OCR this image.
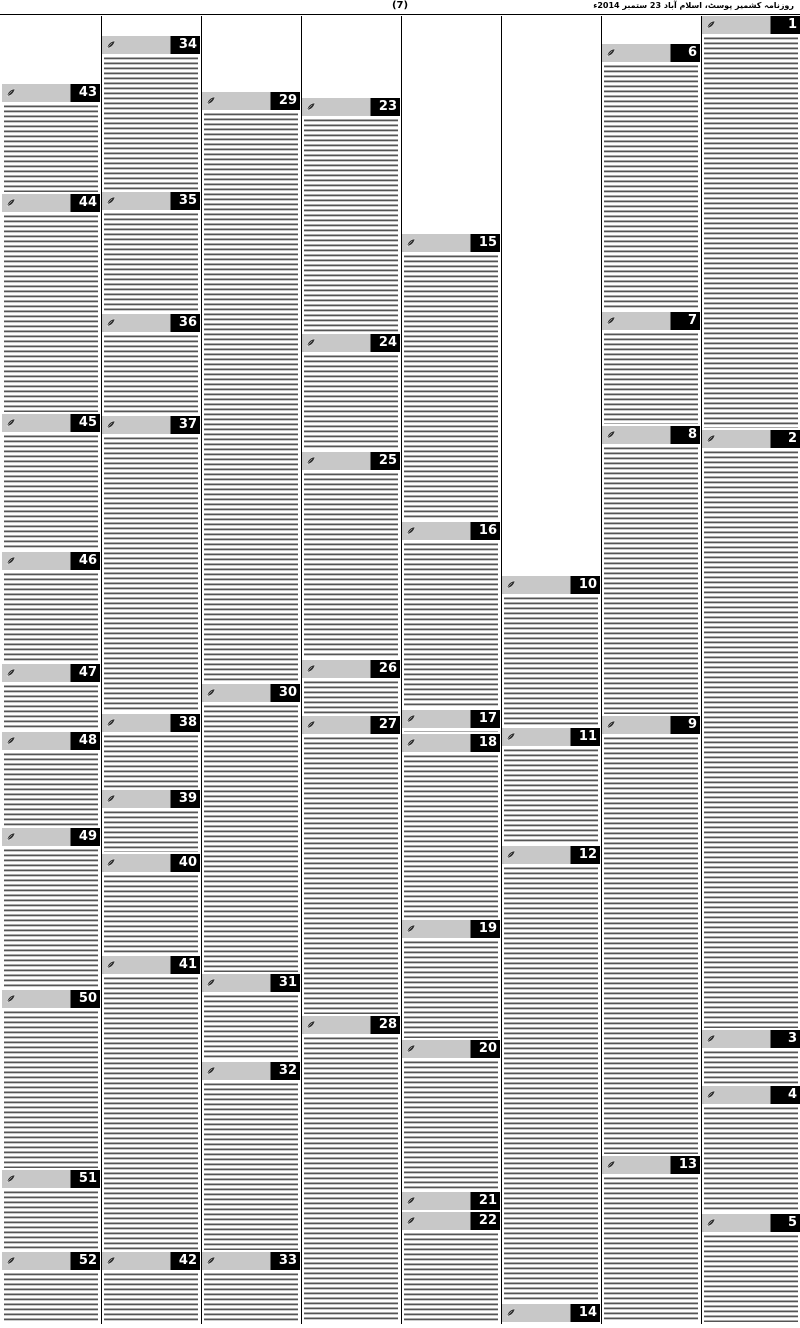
روزنامہ کشمیر پوسٹ، اسلام آباد 23 ستمبر 2014ء
(7)
1
2
3
4
5
6
7
8
9
13
10
11
12
14
15
16
17
18
19
20
21
22
23
24
25
26
27
28
29
30
31
32
33
34
35
36
37
38
39
40
41
42
43
44
45
46
47
48
49
50
51
52
